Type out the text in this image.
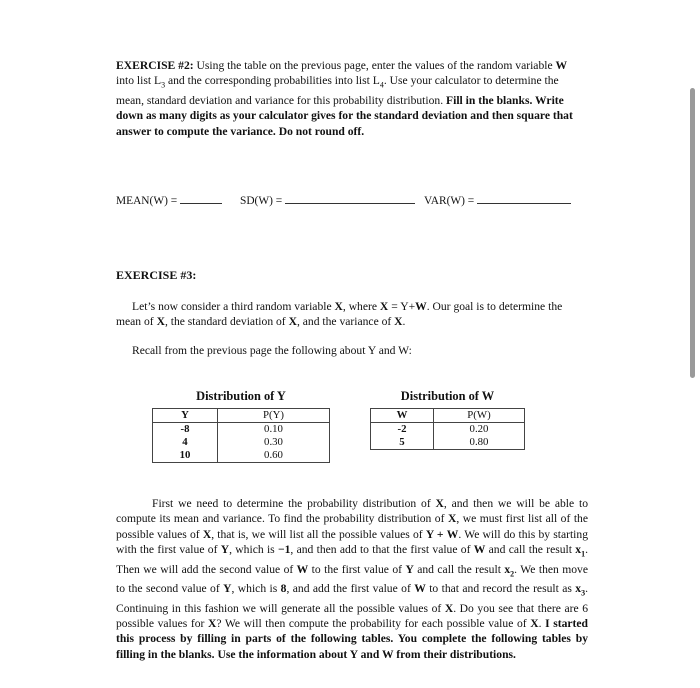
EXERCISE #2: Using the table on the previous page, enter the values of the random variable W into list $L_3$ and the corresponding probabilities into list $L_4$. Use your calculator to determine the mean, standard deviation and variance for this probability distribution. Fill in the blanks. Write down as many digits as your calculator gives for the standard deviation and then square that answer to compute the variance. Do not round off.
MEAN(W) =	SD(W) =	VAR(W) =
EXERCISE #3:
Let’s now consider a third random variable X, where X = Y+W. Our goal is to determine the mean of X, the standard deviation of X, and the variance of X.
Recall from the previous page the following about Y and W:
Distribution of Y
Y	P(Y)
-8	0.10
4	0.30
10	0.60
Distribution of W
W	P(W)
-2	0.20
5	0.80
First we need to determine the probability distribution of X, and then we will be able to compute its mean and variance. To find the probability distribution of X, we must first list all of the possible values of X, that is, we will list all the possible values of Y + W. We will do this by starting with the first value of Y, which is −1, and then add to that the first value of W and call the result $x_1$. Then we will add the second value of W to the first value of Y and call the result $x_2$. We then move to the second value of Y, which is 8, and add the first value of W to that and record the result as $x_3$. Continuing in this fashion we will generate all the possible values of X. Do you see that there are 6 possible values for X? We will then compute the probability for each possible value of X. I started this process by filling in parts of the following tables. You complete the following tables by filling in the blanks. Use the information about Y and W from their distributions.
